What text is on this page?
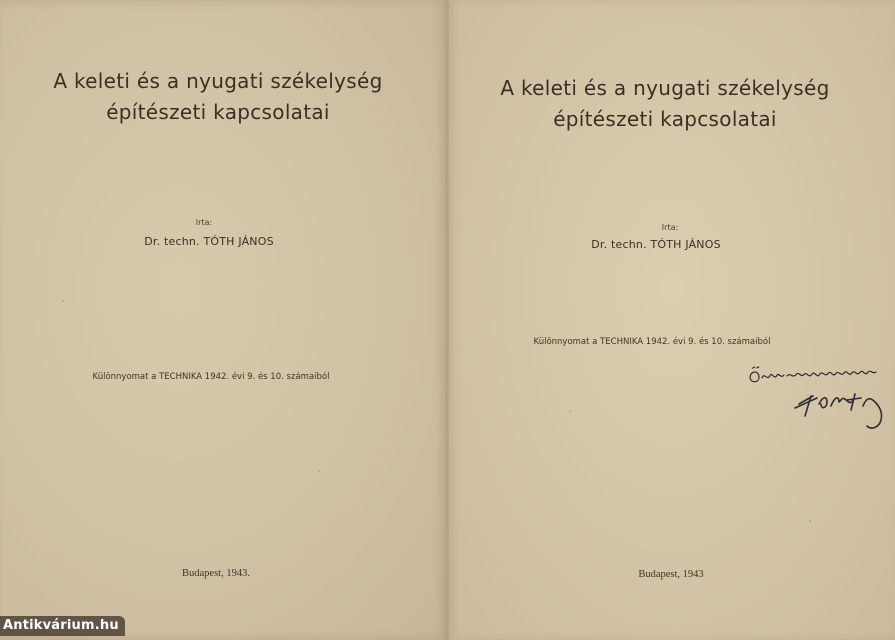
A keleti és a nyugati székelység
építészeti kapcsolatai
Irta:
Dr. techn. TÓTH JÁNOS
Különnyomat a TECHNIKA 1942. évi 9. és 10. számaiból
Budapest, 1943.
A keleti és a nyugati székelység
építészeti kapcsolatai
Irta:
Dr. techn. TÓTH JÁNOS
Különnyomat a TECHNIKA 1942. évi 9. és 10. számaiból
Budapest, 1943
Antikvárium.hu
